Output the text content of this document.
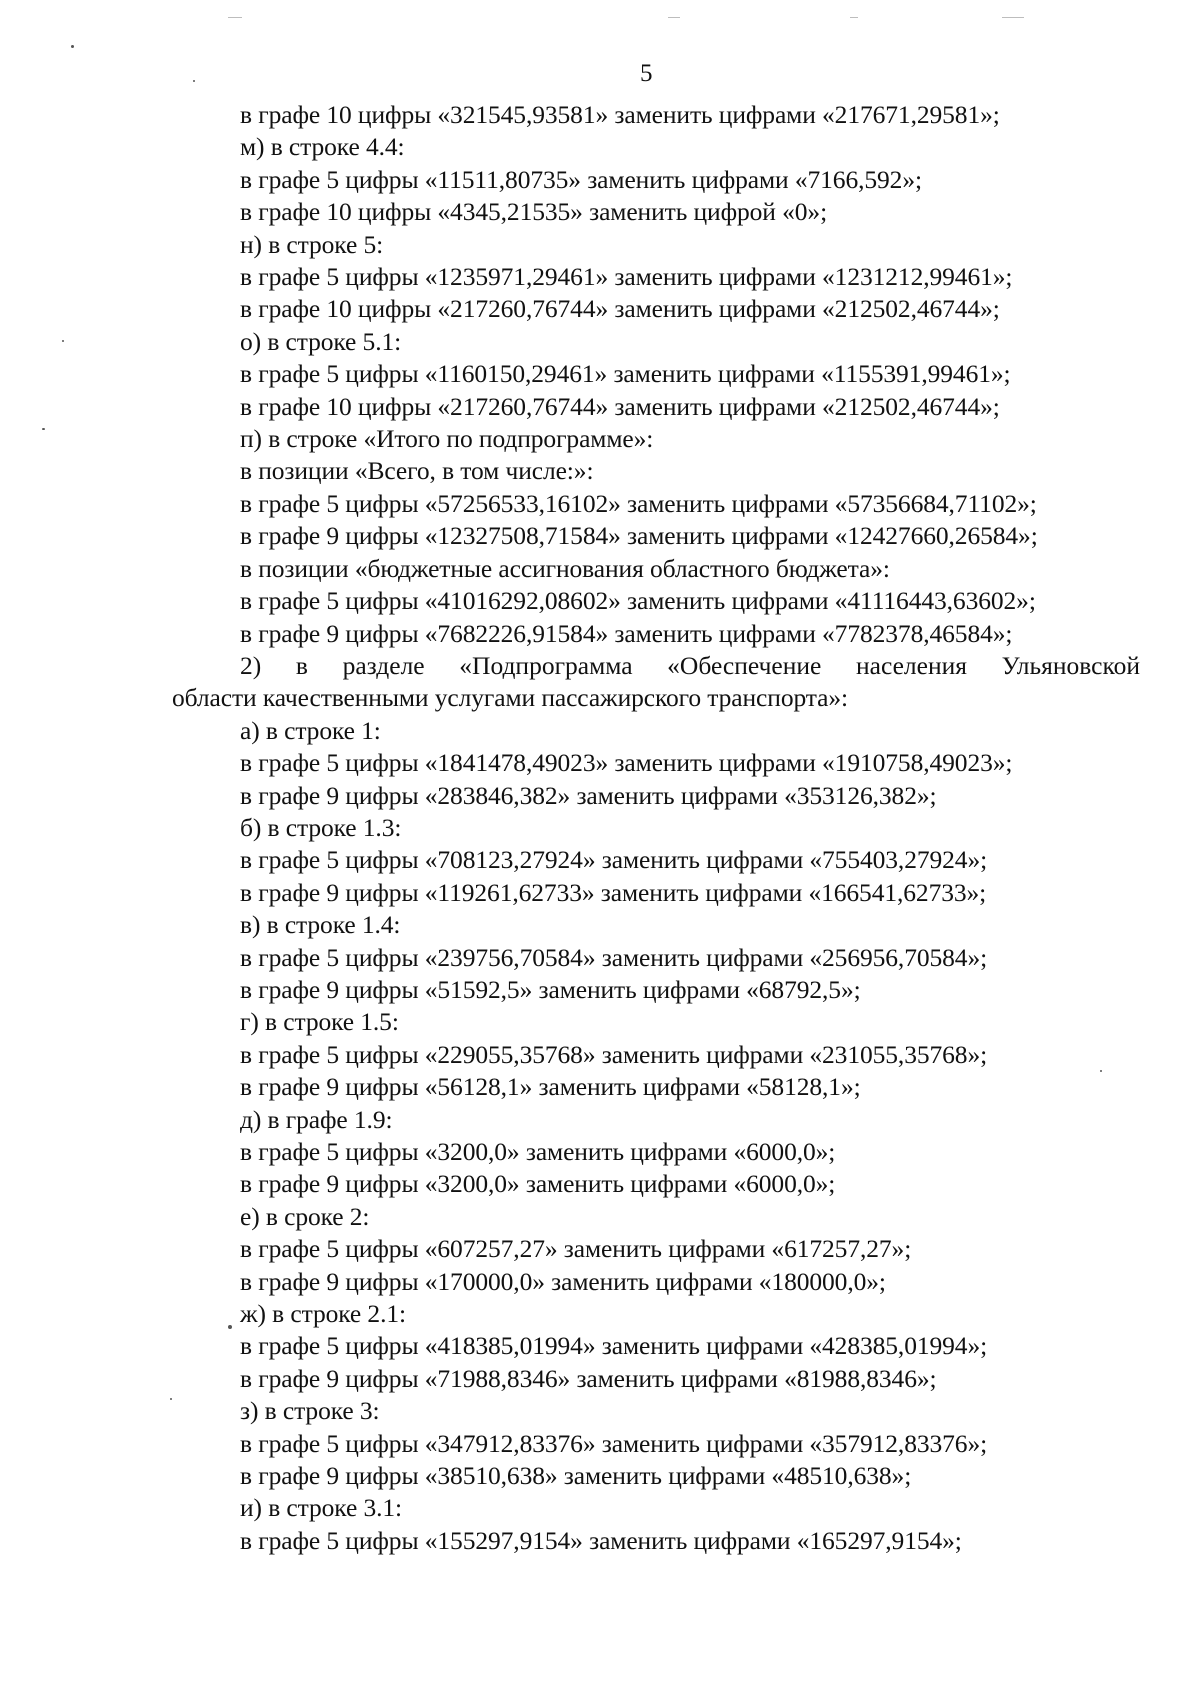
5
в графе 10 цифры «321545,93581» заменить цифрами «217671,29581»;
м) в строке 4.4:
в графе 5 цифры «11511,80735» заменить цифрами «7166,592»;
в графе 10 цифры «4345,21535» заменить цифрой «0»;
н) в строке 5:
в графе 5 цифры «1235971,29461» заменить цифрами «1231212,99461»;
в графе 10 цифры «217260,76744» заменить цифрами «212502,46744»;
о) в строке 5.1:
в графе 5 цифры «1160150,29461» заменить цифрами «1155391,99461»;
в графе 10 цифры «217260,76744» заменить цифрами «212502,46744»;
п) в строке «Итого по подпрограмме»:
в позиции «Всего, в том числе:»:
в графе 5 цифры «57256533,16102» заменить цифрами «57356684,71102»;
в графе 9 цифры «12327508,71584» заменить цифрами «12427660,26584»;
в позиции «бюджетные ассигнования областного бюджета»:
в графе 5 цифры «41016292,08602» заменить цифрами «41116443,63602»;
в графе 9 цифры «7682226,91584» заменить цифрами «7782378,46584»;
2) в разделе «Подпрограмма «Обеспечение населения Ульяновской
области качественными услугами пассажирского транспорта»:
а) в строке 1:
в графе 5 цифры «1841478,49023» заменить цифрами «1910758,49023»;
в графе 9 цифры «283846,382» заменить цифрами «353126,382»;
б) в строке 1.3:
в графе 5 цифры «708123,27924» заменить цифрами «755403,27924»;
в графе 9 цифры «119261,62733» заменить цифрами «166541,62733»;
в) в строке 1.4:
в графе 5 цифры «239756,70584» заменить цифрами «256956,70584»;
в графе 9 цифры «51592,5» заменить цифрами «68792,5»;
г) в строке 1.5:
в графе 5 цифры «229055,35768» заменить цифрами «231055,35768»;
в графе 9 цифры «56128,1» заменить цифрами «58128,1»;
д) в графе 1.9:
в графе 5 цифры «3200,0» заменить цифрами «6000,0»;
в графе 9 цифры «3200,0» заменить цифрами «6000,0»;
е) в сроке 2:
в графе 5 цифры «607257,27» заменить цифрами «617257,27»;
в графе 9 цифры «170000,0» заменить цифрами «180000,0»;
ж) в строке 2.1:
в графе 5 цифры «418385,01994» заменить цифрами «428385,01994»;
в графе 9 цифры «71988,8346» заменить цифрами «81988,8346»;
з) в строке 3:
в графе 5 цифры «347912,83376» заменить цифрами «357912,83376»;
в графе 9 цифры «38510,638» заменить цифрами «48510,638»;
и) в строке 3.1:
в графе 5 цифры «155297,9154» заменить цифрами «165297,9154»;
